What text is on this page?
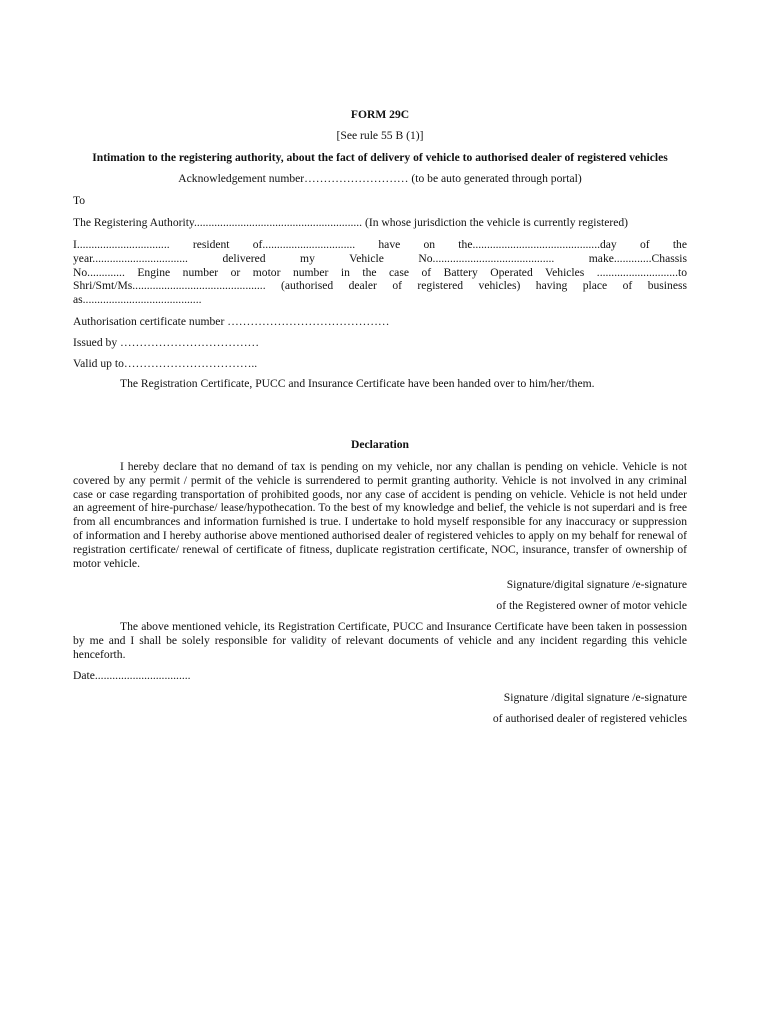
FORM 29C

[See rule 55 B (1)]

Intimation to the registering authority, about the fact of delivery of vehicle to authorised dealer of registered vehicles

Acknowledgement number……………………… (to be auto generated through portal)

To

The Registering Authority.......................................................... (In whose jurisdiction the vehicle is currently registered)

I................................ resident of................................ have on the............................................day of the

year................................. delivered my Vehicle No.......................................... make.............Chassis

No............. Engine number or motor number in the case of Battery Operated Vehicles ............................to

Shri/Smt/Ms.............................................. (authorised dealer of registered vehicles) having place of business

as.........................................

Authorisation certificate number ……………………………………

Issued by ………………………………

Valid up to……………………………..

The Registration Certificate, PUCC and Insurance Certificate have been handed over to him/her/them.

Declaration

I hereby declare that no demand of tax is pending on my vehicle, nor any challan is pending on vehicle. Vehicle is not covered by any permit / permit of the vehicle is surrendered to permit granting authority. Vehicle is not involved in any criminal case or case regarding transportation of prohibited goods, nor any case of accident is pending on vehicle. Vehicle is not held under an agreement of hire-purchase/ lease/hypothecation. To the best of my knowledge and belief, the vehicle is not superdari and is free from all encumbrances and information furnished is true. I undertake to hold myself responsible for any inaccuracy or suppression of information and I hereby authorise above mentioned authorised dealer of registered vehicles to apply on my behalf for renewal of registration certificate/ renewal of certificate of fitness, duplicate registration certificate, NOC, insurance, transfer of ownership of motor vehicle.

Signature/digital signature /e-signature

of the Registered owner of motor vehicle

The above mentioned vehicle, its Registration Certificate, PUCC and Insurance Certificate have been taken in possession by me and I shall be solely responsible for validity of relevant documents of vehicle and any incident regarding this vehicle henceforth.

Date.................................

Signature /digital signature /e-signature

of authorised dealer of registered vehicles
